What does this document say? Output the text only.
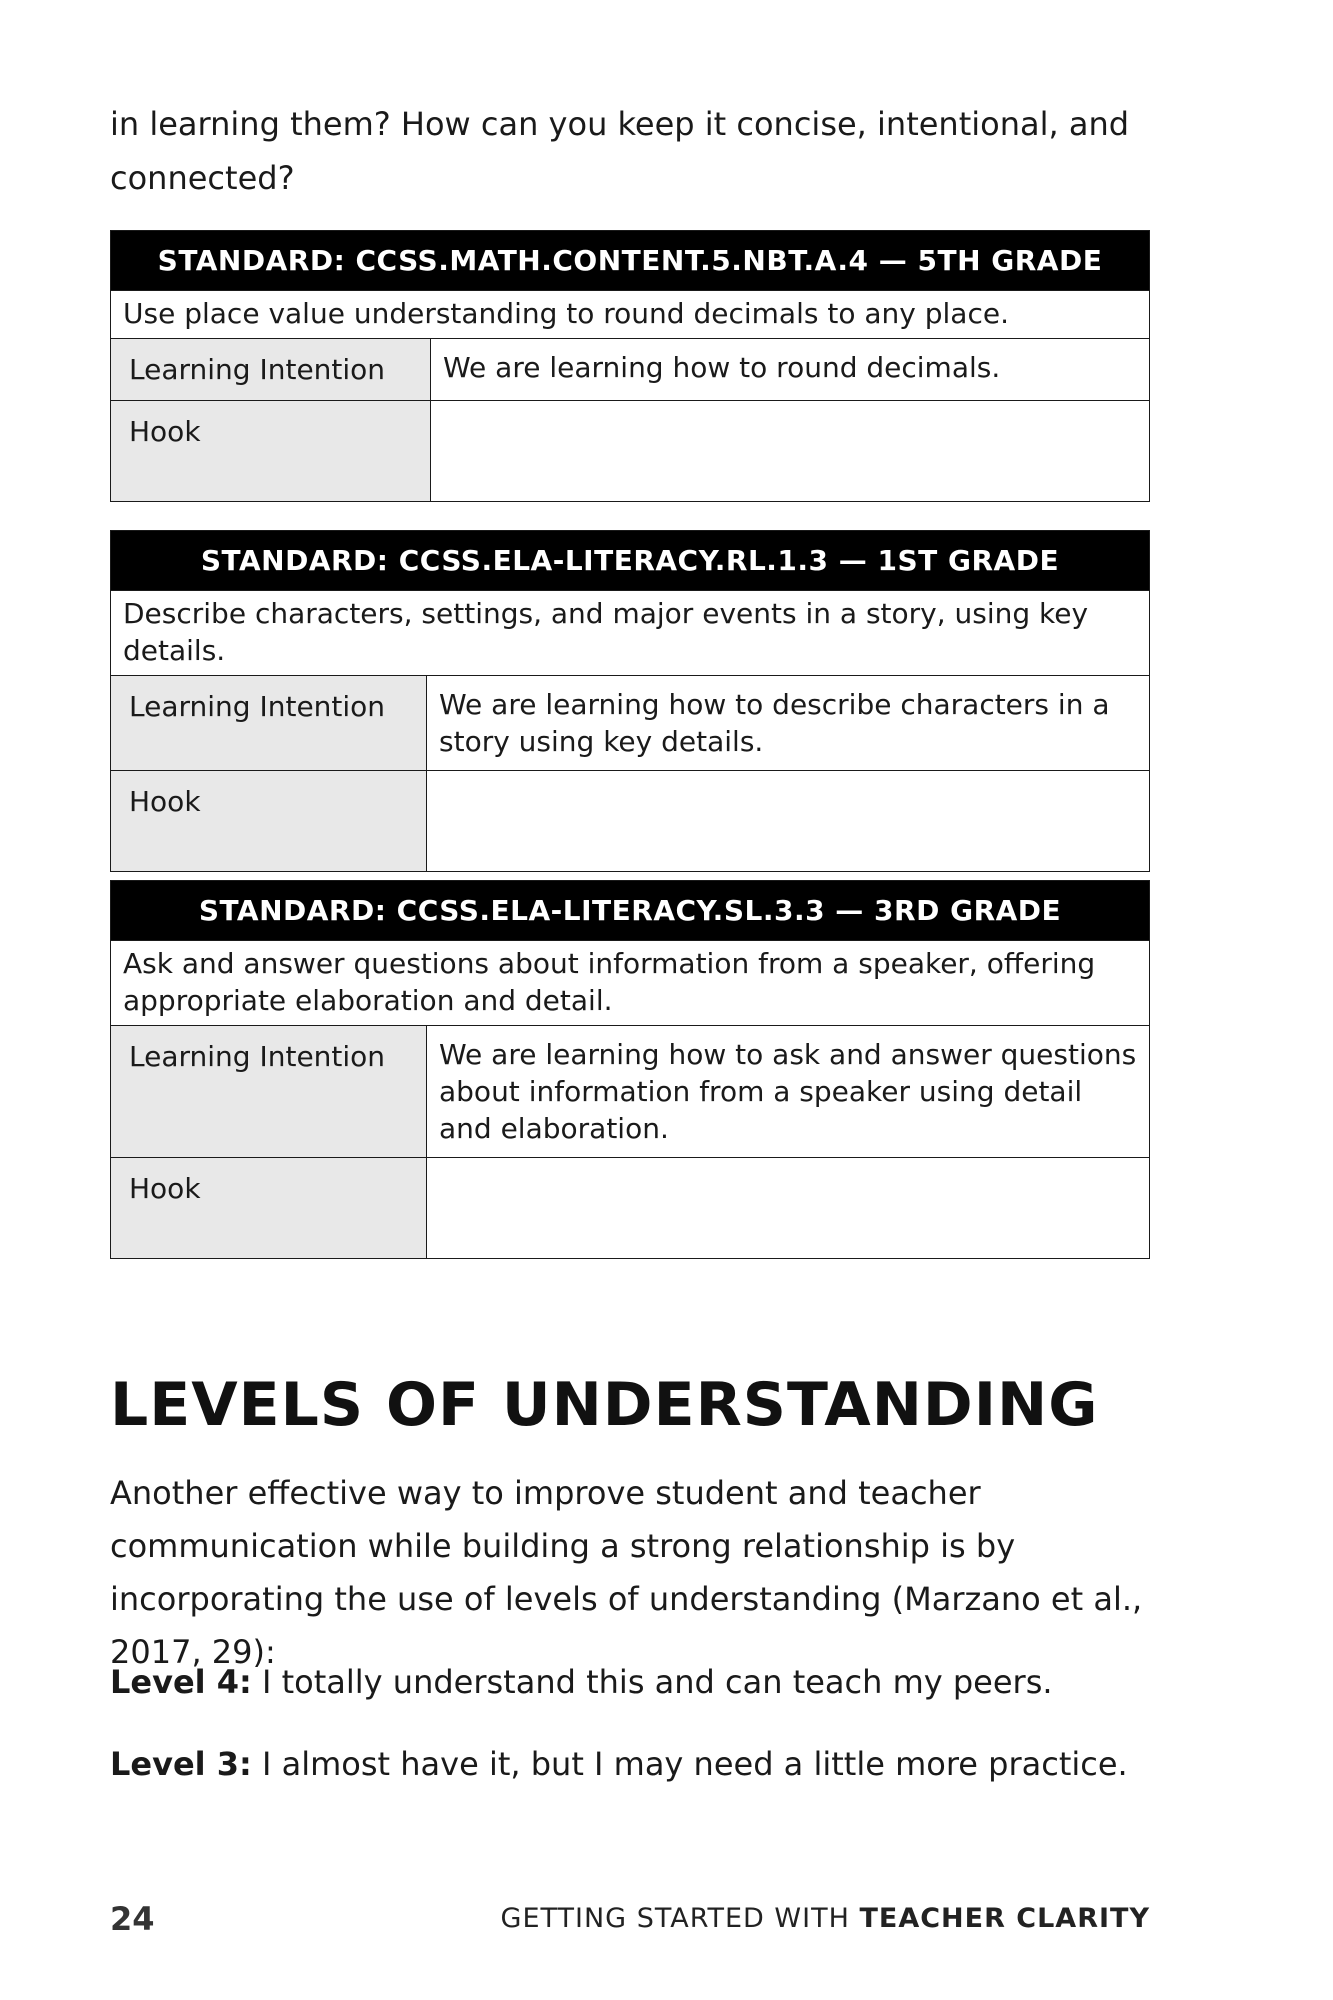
in learning them? How can you keep it concise, intentional, and connected?

STANDARD: CCSS.MATH.CONTENT.5.NBT.A.4 — 5TH GRADE	
Use place value understanding to round decimals to any place.	
Learning Intention	We are learning how to round decimals.
Hook	
STANDARD: CCSS.ELA-LITERACY.RL.1.3 — 1ST GRADE	
Describe characters, settings, and major events in a story, using key details.	
Learning Intention	We are learning how to describe characters in a story using key details.
Hook	
STANDARD: CCSS.ELA-LITERACY.SL.3.3 — 3RD GRADE	
Ask and answer questions about information from a speaker, offering appropriate elaboration and detail.	
Learning Intention	We are learning how to ask and answer questions about information from a speaker using detail and elaboration.
Hook	
LEVELS OF UNDERSTANDING

Another effective way to improve student and teacher communication while building a strong relationship is by incorporating the use of levels of understanding (Marzano et al., 2017, 29):

Level 4: I totally understand this and can teach my peers.

Level 3: I almost have it, but I may need a little more practice.

24	GETTING STARTED WITH TEACHER CLARITY
